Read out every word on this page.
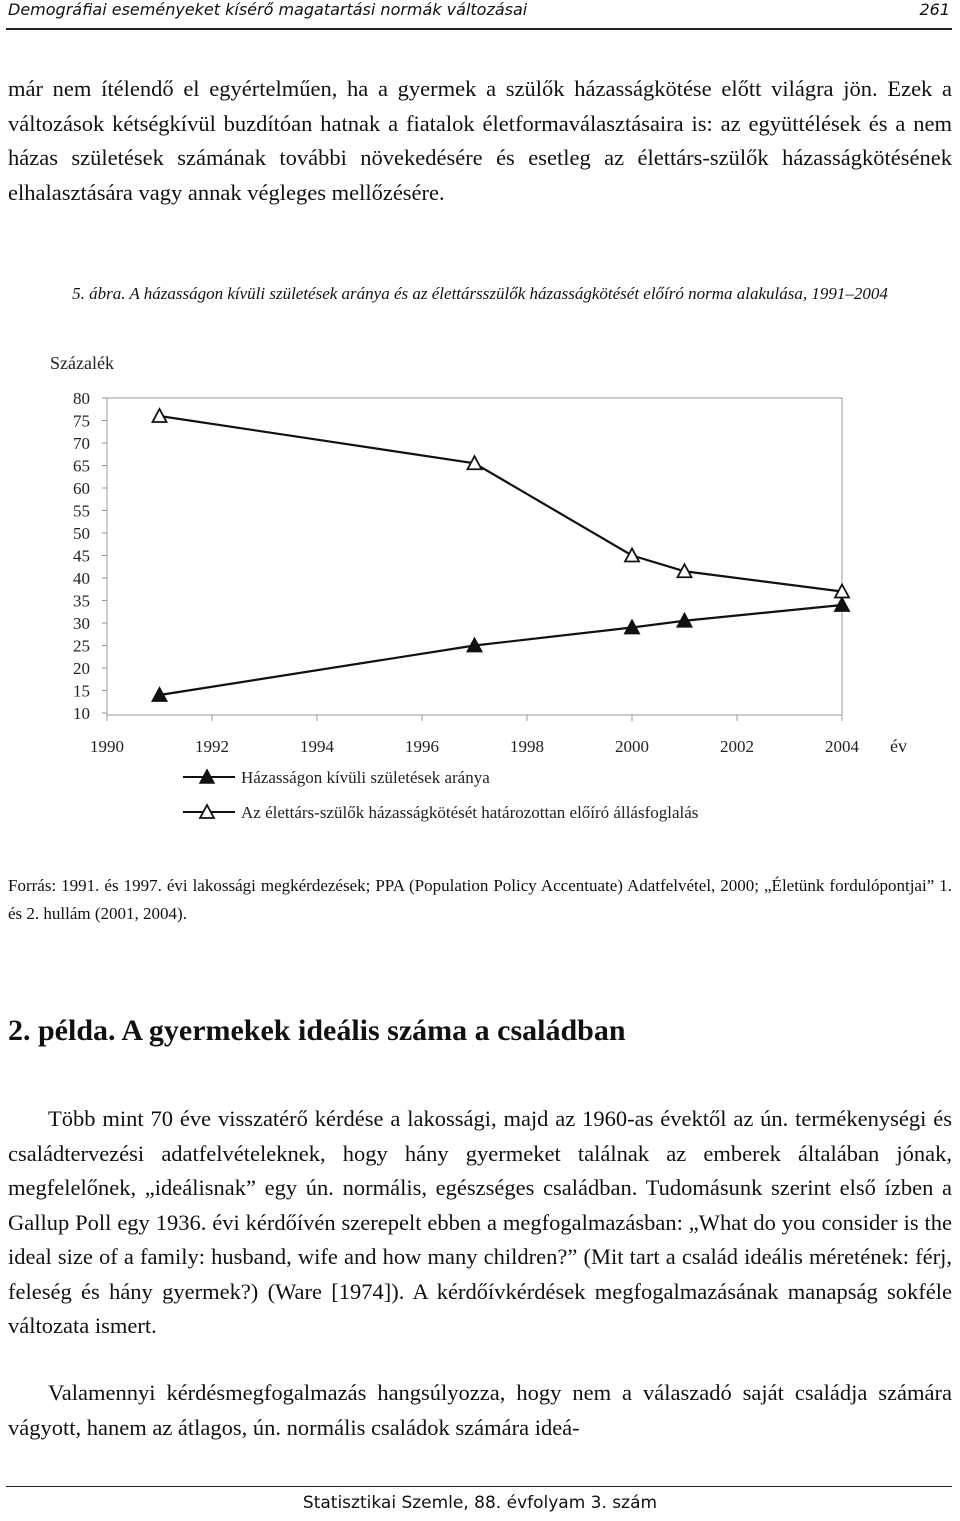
Demográfiai eseményeket kísérő magatartási normák változásai	261

már nem ítélendő el egyértelműen, ha a gyermek a szülők házasságkötése előtt világra jön. Ezek a változások kétségkívül buzdítóan hatnak a fiatalok életformaválasztásaira is: az együttélések és a nem házas születések számának további növekedésére és esetleg az élettárs-szülők házasságkötésének elhalasztására vagy annak végleges mellőzésére.

5. ábra. A házasságon kívüli születések aránya és az élettársszülők házasságkötését előíró norma alakulása, 1991–2004
Százalék
80
75
70
65
60
55
50
45
40
35
30
25
20
15
10
1990	1992	1994	1996	1998	2000	2002	2004 év
Házasságon kívüli születések aránya
Az élettárs-szülők házasságkötését határozottan előíró állásfoglalás

Forrás: 1991. és 1997. évi lakossági megkérdezések; PPA (Population Policy Accentuate) Adatfelvétel, 2000; „Életünk fordulópontjai” 1. és 2. hullám (2001, 2004).

2. példa. A gyermekek ideális száma a családban

Több mint 70 éve visszatérő kérdése a lakossági, majd az 1960-as évektől az ún. termékenységi és családtervezési adatfelvételeknek, hogy hány gyermeket találnak az emberek általában jónak, megfelelőnek, „ideálisnak” egy ún. normális, egészséges családban. Tudomásunk szerint első ízben a Gallup Poll egy 1936. évi kérdőívén szerepelt ebben a megfogalmazásban: „What do you consider is the ideal size of a family: husband, wife and how many children?” (Mit tart a család ideális méretének: férj, feleség és hány gyermek?) (Ware [1974]). A kérdőívkérdések megfogalmazásának manapság sokféle változata ismert.

Valamennyi kérdésmegfogalmazás hangsúlyozza, hogy nem a válaszadó saját családja számára vágyott, hanem az átlagos, ún. normális családok számára ideá-

Statisztikai Szemle, 88. évfolyam 3. szám
